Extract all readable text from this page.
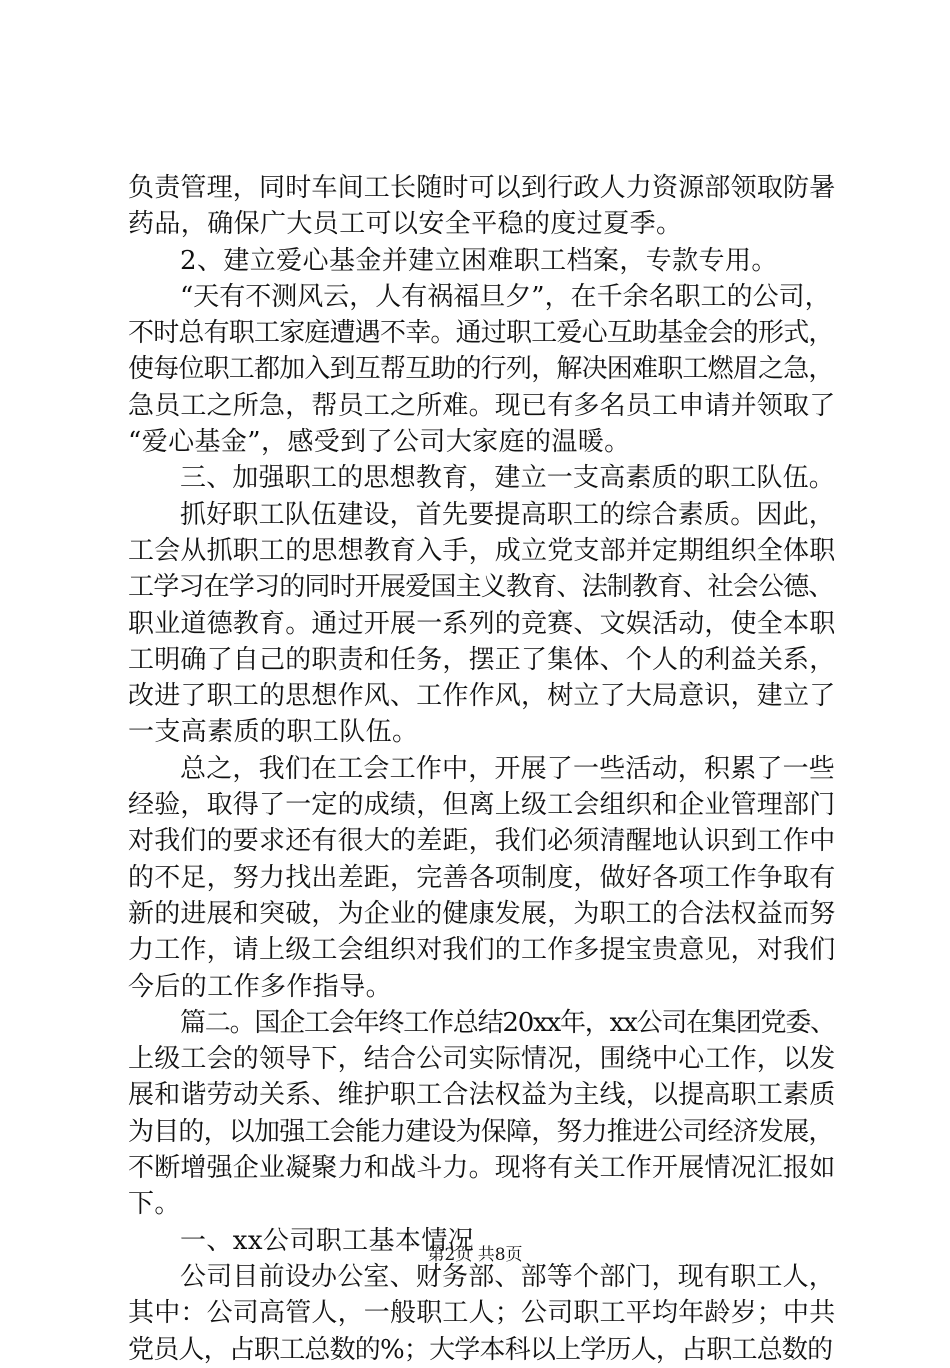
负责管理，同时车间工长随时可以到行政人力资源部领取防暑
药品，确保广大员工可以安全平稳的度过夏季。
2、建立爱心基金并建立困难职工档案，专款专用。
“天有不测风云，人有祸福旦夕”，在千余名职工的公司，
不时总有职工家庭遭遇不幸。通过职工爱心互助基金会的形式，
使每位职工都加入到互帮互助的行列，解决困难职工燃眉之急，
急员工之所急，帮员工之所难。现已有多名员工申请并领取了
“爱心基金”，感受到了公司大家庭的温暖。
三、加强职工的思想教育，建立一支高素质的职工队伍。
抓好职工队伍建设，首先要提高职工的综合素质。因此，
工会从抓职工的思想教育入手，成立党支部并定期组织全体职
工学习在学习的同时开展爱国主义教育、法制教育、社会公德、
职业道德教育。通过开展一系列的竞赛、文娱活动，使全本职
工明确了自己的职责和任务，摆正了集体、个人的利益关系，
改进了职工的思想作风、工作作风，树立了大局意识，建立了
一支高素质的职工队伍。
总之，我们在工会工作中，开展了一些活动，积累了一些
经验，取得了一定的成绩，但离上级工会组织和企业管理部门
对我们的要求还有很大的差距，我们必须清醒地认识到工作中
的不足，努力找出差距，完善各项制度，做好各项工作争取有
新的进展和突破，为企业的健康发展，为职工的合法权益而努
力工作，请上级工会组织对我们的工作多提宝贵意见，对我们
今后的工作多作指导。
篇二。国企工会年终工作总结20xx年，xx公司在集团党委、
上级工会的领导下，结合公司实际情况，围绕中心工作，以发
展和谐劳动关系、维护职工合法权益为主线，以提高职工素质
为目的，以加强工会能力建设为保障，努力推进公司经济发展，
不断增强企业凝聚力和战斗力。现将有关工作开展情况汇报如
下。
一、xx公司职工基本情况
公司目前设办公室、财务部、部等个部门，现有职工人，
其中：公司高管人，一般职工人；公司职工平均年龄岁；中共
党员人，占职工总数的%；大学本科以上学历人，占职工总数的
第2页 共8页
